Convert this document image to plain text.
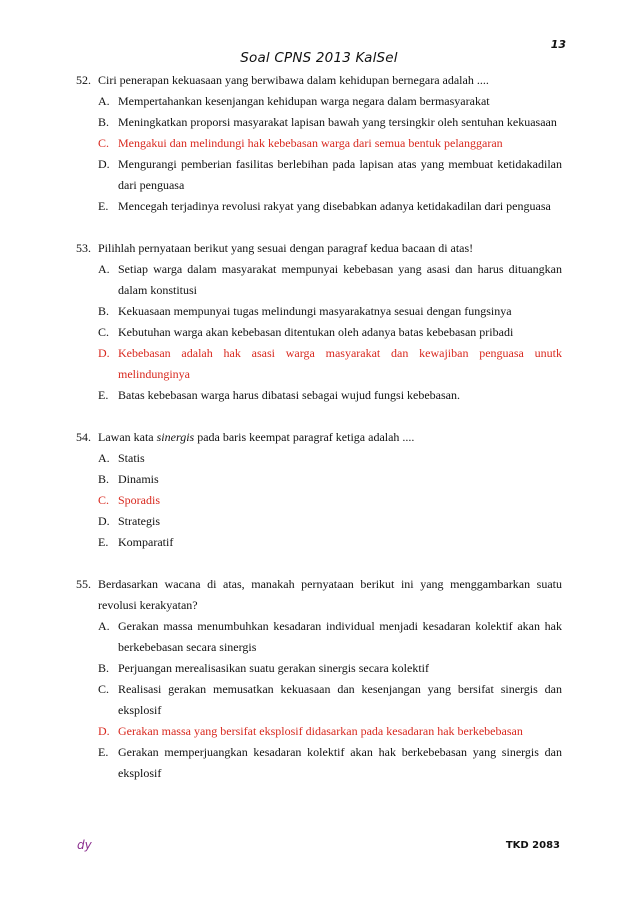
13
Soal CPNS 2013 KalSel
52. Ciri penerapan kekuasaan yang berwibawa dalam kehidupan bernegara adalah ....
A. Mempertahankan kesenjangan kehidupan warga negara dalam bermasyarakat
B. Meningkatkan proporsi masyarakat lapisan bawah yang tersingkir oleh sentuhan kekuasaan
C. Mengakui dan melindungi hak kebebasan warga dari semua bentuk pelanggaran
D. Mengurangi pemberian fasilitas berlebihan pada lapisan atas yang membuat ketidakadilan dari penguasa
E. Mencegah terjadinya revolusi rakyat yang disebabkan adanya ketidakadilan dari penguasa
53. Pilihlah pernyataan berikut yang sesuai dengan paragraf kedua bacaan di atas!
A. Setiap warga dalam masyarakat mempunyai kebebasan yang asasi dan harus dituangkan dalam konstitusi
B. Kekuasaan mempunyai tugas melindungi masyarakatnya sesuai dengan fungsinya
C. Kebutuhan warga akan kebebasan ditentukan oleh adanya batas kebebasan pribadi
D. Kebebasan adalah hak asasi warga masyarakat dan kewajiban penguasa unutk melindunginya
E. Batas kebebasan warga harus dibatasi sebagai wujud fungsi kebebasan.
54. Lawan kata sinergis pada baris keempat paragraf ketiga adalah ....
A. Statis
B. Dinamis
C. Sporadis
D. Strategis
E. Komparatif
55. Berdasarkan wacana di atas, manakah pernyataan berikut ini yang menggambarkan suatu revolusi kerakyatan?
A. Gerakan massa menumbuhkan kesadaran individual menjadi kesadaran kolektif akan hak berkebebasan secara sinergis
B. Perjuangan merealisasikan suatu gerakan sinergis secara kolektif
C. Realisasi gerakan memusatkan kekuasaan dan kesenjangan yang bersifat sinergis dan eksplosif
D. Gerakan massa yang bersifat eksplosif didasarkan pada kesadaran hak berkebebasan
E. Gerakan memperjuangkan kesadaran kolektif akan hak berkebebasan yang sinergis dan eksplosif
dy	TKD 2083
